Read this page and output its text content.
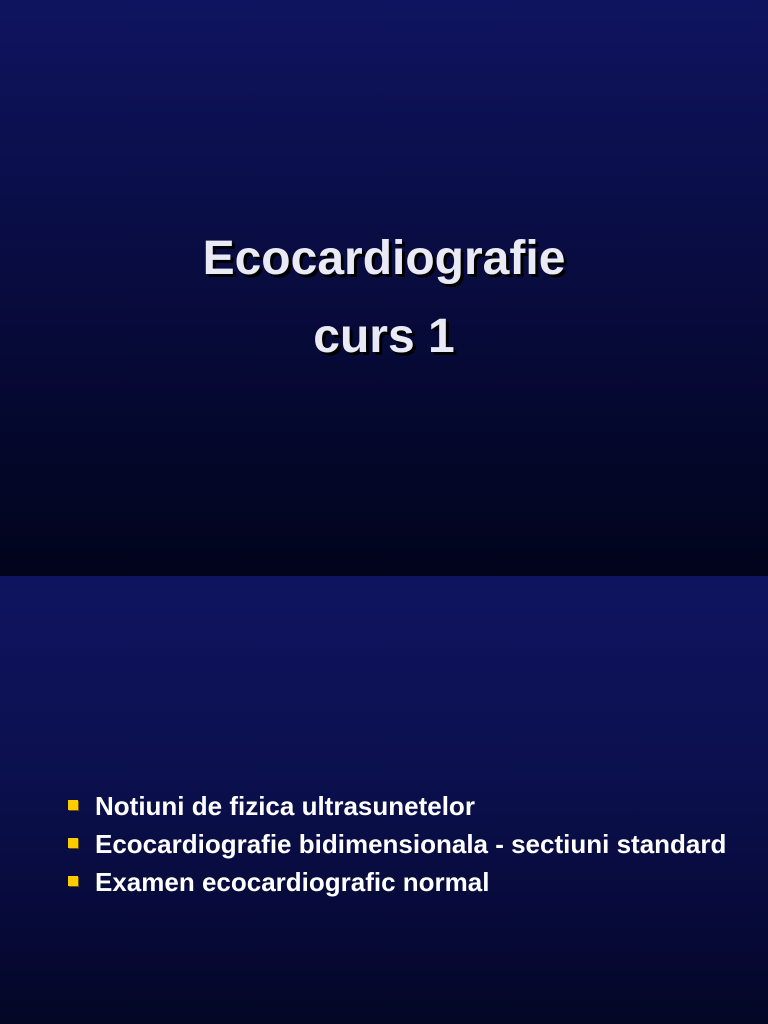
Ecocardiografie
curs 1
Notiuni de fizica ultrasunetelor
Ecocardiografie bidimensionala - sectiuni standard
Examen ecocardiografic normal
